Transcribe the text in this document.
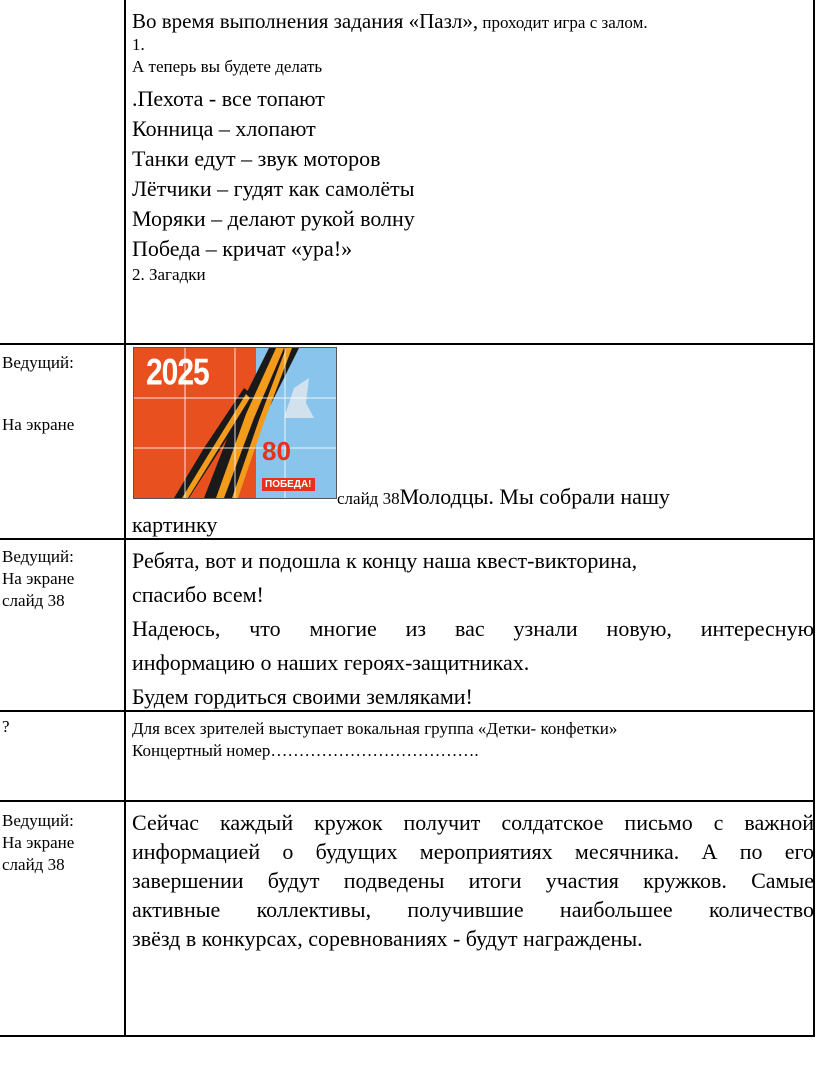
Во время выполнения задания «Пазл», проходит игра с залом.
1.
А теперь вы будете делать
.Пехота - все топают
Конница – хлопают
Танки едут – звук моторов
Лётчики – гудят как самолёты
Моряки – делают рукой волну
Победа – кричат «ура!»
2. Загадки
Ведущий:
На экране
2025
80
ПОБЕДА!
слайд 38Молодцы. Мы собрали нашу
картинку
Ведущий:
На экране
слайд 38
Ребята, вот и подошла к концу наша квест-викторина,
спасибо всем!
Надеюсь, что многие из вас узнали новую, интересную
информацию о наших героях-защитниках.
Будем гордиться своими земляками!
?	Для всех зрителей выступает вокальная группа «Детки- конфетки»
Концертный номер……………………………….
Ведущий:
На экране
слайд 38
Сейчас каждый кружок получит солдатское письмо с важной
информацией о будущих мероприятиях месячника. А по его
завершении будут подведены итоги участия кружков. Самые
активные коллективы, получившие наибольшее количество
звёзд в конкурсах, соревнованиях - будут награждены.
